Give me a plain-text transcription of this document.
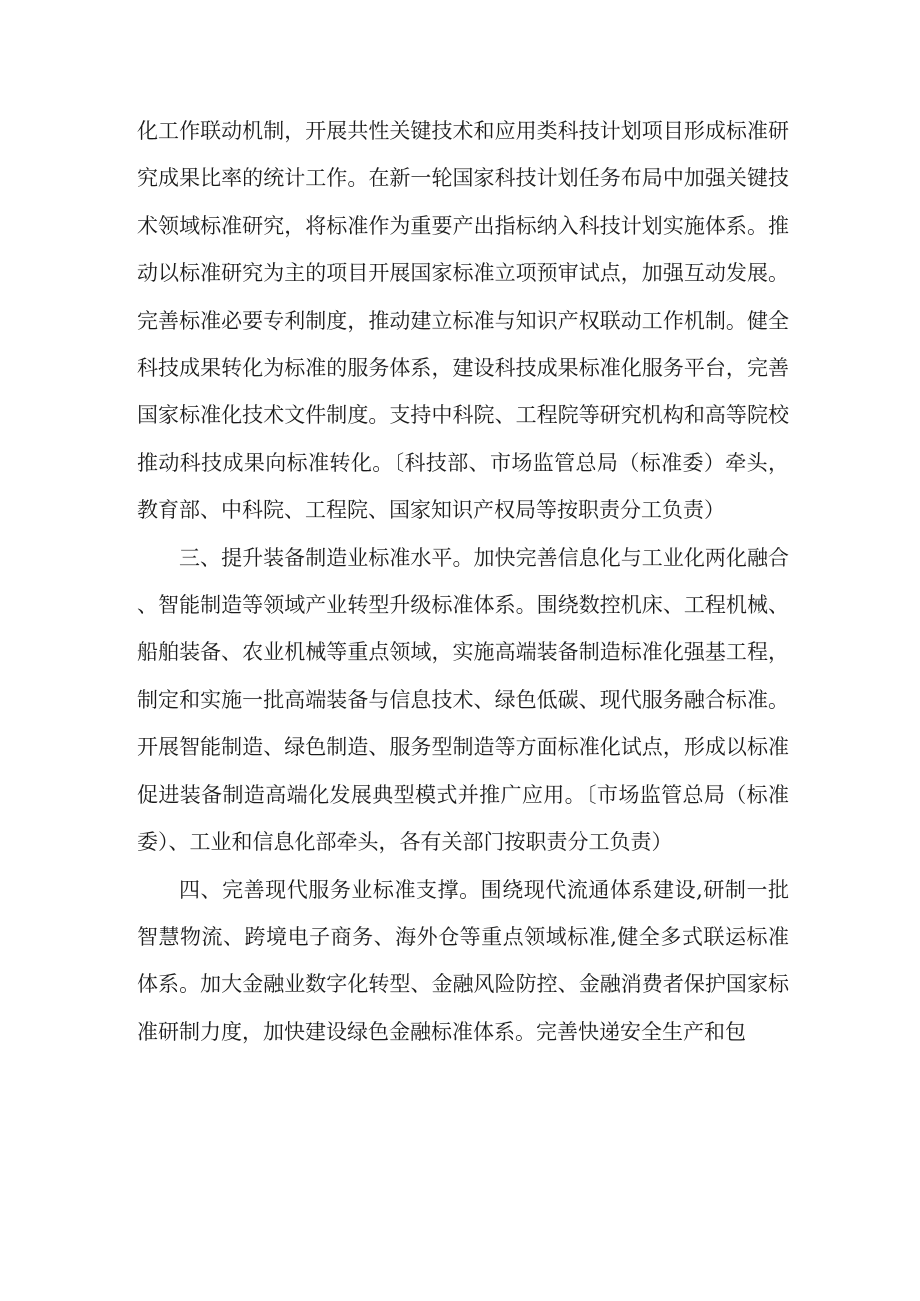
化工作联动机制，开展共性关键技术和应用类科技计划项目形成标准研究成果比率的统计工作。在新一轮国家科技计划任务布局中加强关键技术领域标准研究，将标准作为重要产出指标纳入科技计划实施体系。推动以标准研究为主的项目开展国家标准立项预审试点，加强互动发展。完善标准必要专利制度，推动建立标准与知识产权联动工作机制。健全科技成果转化为标准的服务体系，建设科技成果标准化服务平台，完善国家标准化技术文件制度。支持中科院、工程院等研究机构和高等院校推动科技成果向标准转化。〔科技部、市场监管总局（标准委）牵头，教育部、中科院、工程院、国家知识产权局等按职责分工负责）

三、提升装备制造业标准水平。加快完善信息化与工业化两化融合、智能制造等领域产业转型升级标准体系。围绕数控机床、工程机械、船舶装备、农业机械等重点领域，实施高端装备制造标准化强基工程，制定和实施一批高端装备与信息技术、绿色低碳、现代服务融合标准。开展智能制造、绿色制造、服务型制造等方面标准化试点，形成以标准促进装备制造高端化发展典型模式并推广应用。〔市场监管总局（标准委）、工业和信息化部牵头，各有关部门按职责分工负责）

四、完善现代服务业标准支撑。围绕现代流通体系建设,研制一批智慧物流、跨境电子商务、海外仓等重点领域标准,健全多式联运标准体系。加大金融业数字化转型、金融风险防控、金融消费者保护国家标准研制力度，加快建设绿色金融标准体系。完善快递安全生产和包
